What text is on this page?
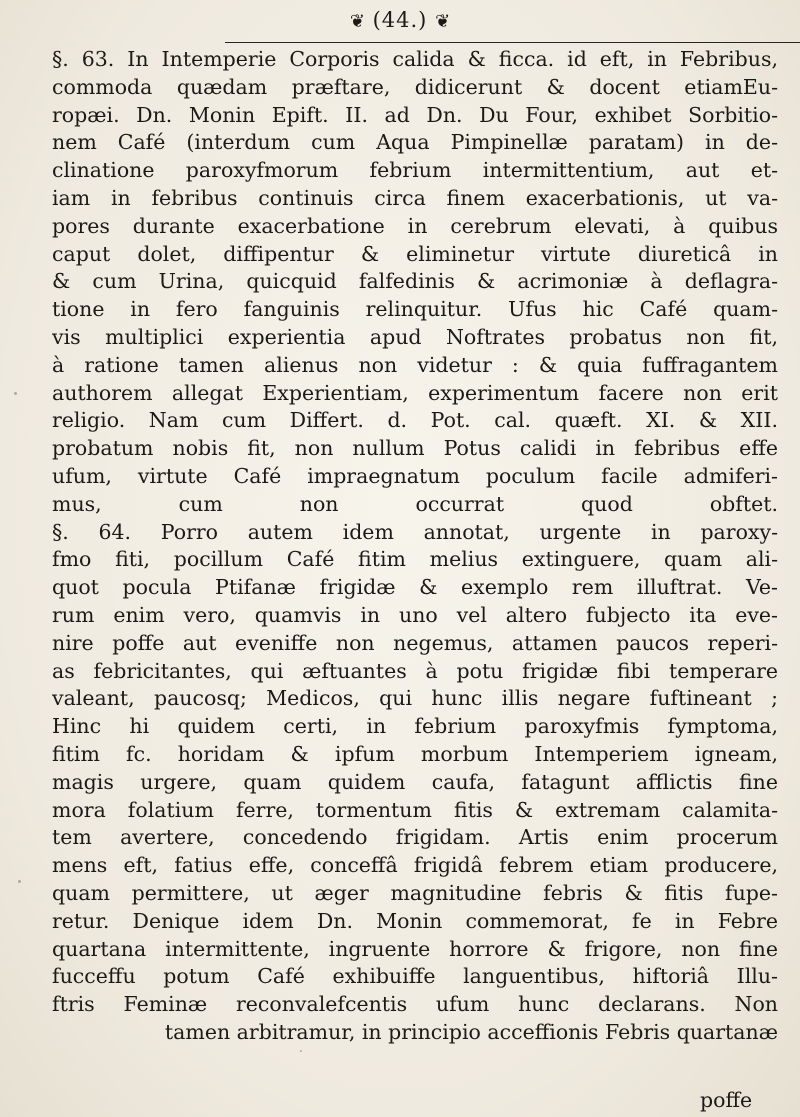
❦ (44.) ❦
§. 63. In Intemperie Corporis calida & ficca. id eft, in Febribus,
commoda quædam præftare, didicerunt & docent etiamEu-
ropæi. Dn. Monin Epift. II. ad Dn. Du Four, exhibet Sorbitio-
nem Café (interdum cum Aqua Pimpinellæ paratam) in de-
clinatione paroxyfmorum febrium intermittentium, aut et-
iam in febribus continuis circa finem exacerbationis, ut va-
pores durante exacerbatione in cerebrum elevati, à quibus
caput dolet, diffipentur & eliminetur virtute diureticâ in
& cum Urina, quicquid falfedinis & acrimoniæ à deflagra-
tione in fero fanguinis relinquitur. Ufus hic Café quam-
vis multiplici experientia apud Noftrates probatus non fit,
à ratione tamen alienus non videtur : & quia fuffragantem
authorem allegat Experientiam, experimentum facere non erit
religio. Nam cum Differt. d. Pot. cal. quæft. XI. & XII.
probatum nobis fit, non nullum Potus calidi in febribus effe
ufum, virtute Café impraegnatum poculum facile admiferi-
mus, cum non occurrat quod obftet.
§. 64. Porro autem idem annotat, urgente in paroxy-
fmo fiti, pocillum Café fitim melius extinguere, quam ali-
quot pocula Ptifanæ frigidæ & exemplo rem illuftrat. Ve-
rum enim vero, quamvis in uno vel altero fubjecto ita eve-
nire poffe aut eveniffe non negemus, attamen paucos reperi-
as febricitantes, qui æftuantes à potu frigidæ fibi temperare
valeant, paucosq; Medicos, qui hunc illis negare fuftineant ;
Hinc hi quidem certi, in febrium paroxyfmis fymptoma,
fitim fc. horidam & ipfum morbum Intemperiem igneam,
magis urgere, quam quidem caufa, fatagunt afflictis fine
mora folatium ferre, tormentum fitis & extremam calamita-
tem avertere, concedendo frigidam. Artis enim procerum
mens eft, fatius effe, conceffâ frigidâ febrem etiam producere,
quam permittere, ut æger magnitudine febris & fitis fupe-
retur. Denique idem Dn. Monin commemorat, fe in Febre
quartana intermittente, ingruente horrore & frigore, non fine
fucceffu potum Café exhibuiffe languentibus, hiftoriâ Illu-
ftris Feminæ reconvalefcentis ufum hunc declarans. Non
tamen arbitramur, in principio acceffionis Febris quartanæ
poffe
